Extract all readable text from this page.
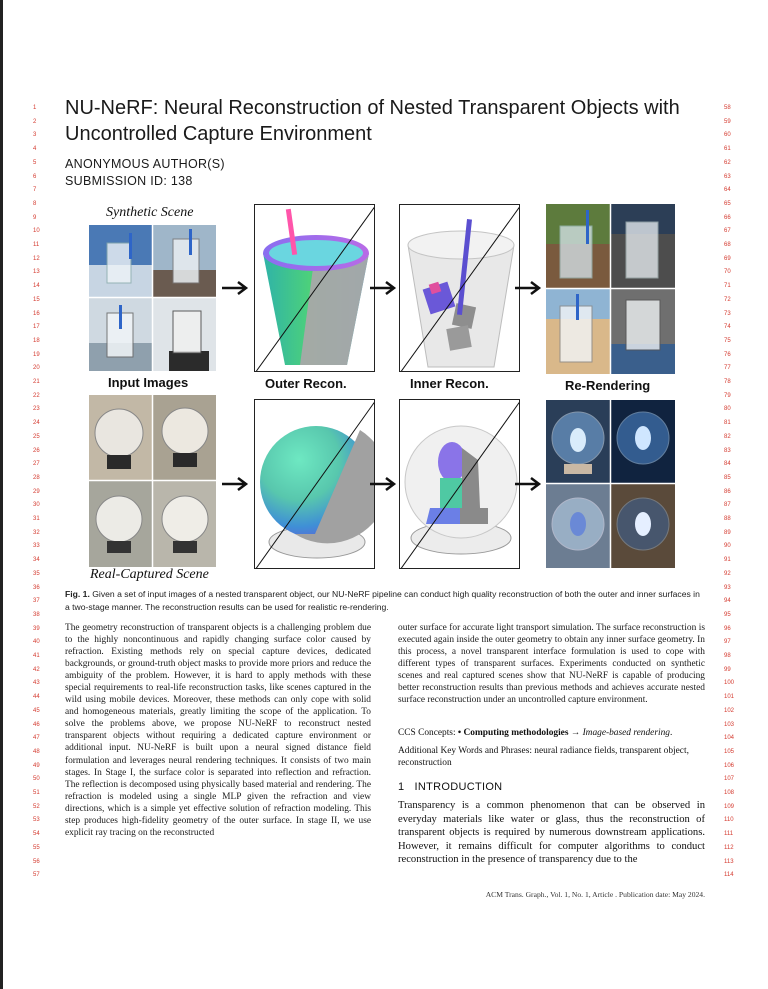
1
2
3
4
5
6
7
8
9
10
11
12
13
14
15
16
17
18
19
20
21
22
23
24
25
26
27
28
29
30
31
32
33
34
35
36
37
38
39
40
41
42
43
44
45
46
47
48
49
50
51
52
53
54
55
56
57
58
59
60
61
62
63
64
65
66
67
68
69
70
71
72
73
74
75
76
77
78
79
80
81
82
83
84
85
86
87
88
89
90
91
92
93
94
95
96
97
98
99
100
101
102
103
104
105
106
107
108
109
110
111
112
113
114
NU-NeRF: Neural Reconstruction of Nested Transparent Objects with
Uncontrolled Capture Environment
ANONYMOUS AUTHOR(S)
SUBMISSION ID: 138
Synthetic Scene
Real-Captured Scene
Input Images	Outer Recon.	Inner Recon.	Re-Rendering
Fig. 1. Given a set of input images of a nested transparent object, our NU-NeRF pipeline can conduct high quality reconstruction of both the outer and inner surfaces in a two-stage manner. The reconstruction results can be used for realistic re-rendering.
The geometry reconstruction of transparent objects is a challenging problem due to the highly noncontinuous and rapidly changing surface color caused by refraction. Existing methods rely on special capture devices, dedicated backgrounds, or ground-truth object masks to provide more priors and reduce the ambiguity of the problem. However, it is hard to apply methods with these special requirements to real-life reconstruction tasks, like scenes captured in the wild using mobile devices. Moreover, these methods can only cope with solid and homogeneous materials, greatly limiting the scope of the application. To solve the problems above, we propose NU-NeRF to reconstruct nested transparent objects without requiring a dedicated capture environment or additional input. NU-NeRF is built upon a neural signed distance field formulation and leverages neural rendering techniques. It consists of two main stages. In Stage I, the surface color is separated into reflection and refraction. The reflection is decomposed using physically based material and rendering. The refraction is modeled using a single MLP given the refraction and view directions, which is a simple yet effective solution of refraction modeling. This step produces high-fidelity geometry of the outer surface. In stage II, we use explicit ray tracing on the reconstructed
outer surface for accurate light transport simulation. The surface reconstruction is executed again inside the outer geometry to obtain any inner surface geometry. In this process, a novel transparent interface formulation is used to cope with different types of transparent surfaces. Experiments conducted on synthetic scenes and real captured scenes show that NU-NeRF is capable of producing better reconstruction results than previous methods and achieves accurate nested surface reconstruction under an uncontrolled capture environment.
CCS Concepts: • Computing methodologies → Image-based rendering.
Additional Key Words and Phrases: neural radiance fields, transparent object, reconstruction
1 INTRODUCTION
Transparency is a common phenomenon that can be observed in everyday materials like water or glass, thus the reconstruction of transparent objects is required by numerous downstream applications. However, it remains difficult for computer algorithms to conduct reconstruction in the presence of transparency due to the
ACM Trans. Graph., Vol. 1, No. 1, Article . Publication date: May 2024.
